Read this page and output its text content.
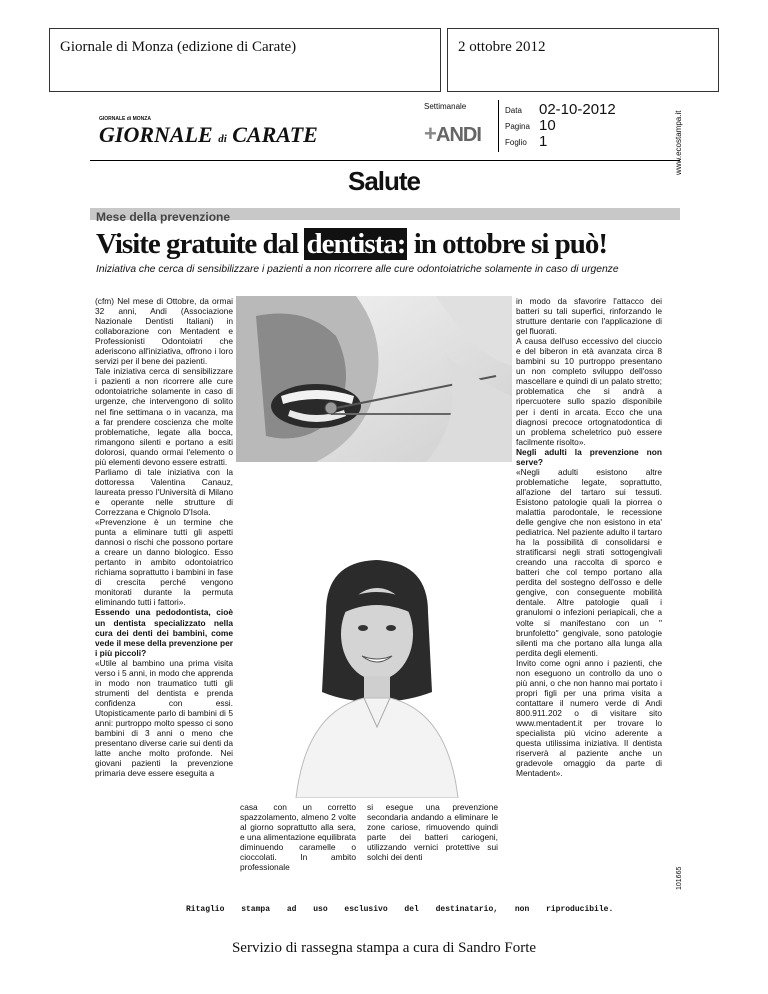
Giornale di Monza (edizione di Carate)	2 ottobre 2012
GIORNALE di MONZA
GIORNALE di CARATE
Settimanale
+ ANDI
Data 02-10-2012
Pagina 10
Foglio 1
Salute
Mese della prevenzione
Visite gratuite dal dentista: in ottobre si può!
Iniziativa che cerca di sensibilizzare i pazienti a non ricorrere alle cure odontoiatriche solamente in caso di urgenze

(cfm) Nel mese di Ottobre, da ormai 32 anni, Andi (Associazione Nazionale Dentisti Italiani) in collaborazione con Mentadent e Professionisti Odontoiatri che aderiscono all'iniziativa, offrono i loro servizi per il bene dei pazienti.

Tale iniziativa cerca di sensibilizzare i pazienti a non ricorrere alle cure odontoiatriche solamente in caso di urgenze, che intervengono di solito nel fine settimana o in vacanza, ma a far prendere coscienza che molte problematiche, legate alla bocca, rimangono silenti e portano a esiti dolorosi, quando ormai l'elemento o più elementi devono essere estratti.

Parliamo di tale iniziativa con la dottoressa Valentina Canauz, laureata presso l'Università di Milano e operante nelle strutture di Correzzana e Chignolo D'Isola.

«Prevenzione è un termine che punta a eliminare tutti gli aspetti dannosi o rischi che possono portare a creare un danno biologico. Esso pertanto in ambito odontoiatrico richiama soprattutto i bambini in fase di crescita perché vengono monitorati durante la permuta eliminando tutti i fattori».

Essendo una pedodontista, cioè un dentista specializzato nella cura dei denti dei bambini, come vede il mese della prevenzione per i più piccoli?

«Utile al bambino una prima visita verso i 5 anni, in modo che apprenda in modo non traumatico tutti gli strumenti del dentista e prenda confidenza con essi. Utopisticamente parlo di bambini di 5 anni: purtroppo molto spesso ci sono bambini di 3 anni o meno che presentano diverse carie sui denti da latte anche molto profonde. Nei giovani pazienti la prevenzione primaria deve essere eseguita a

casa con un corretto spazzolamento, almeno 2 volte al giorno soprattutto alla sera, e una alimentazione equilibrata diminuendo caramelle o cioccolati. In ambito professionale
si esegue una prevenzione secondaria andando a eliminare le zone cariose, rimuovendo quindi parte dei batteri cariogeni, utilizzando vernici protettive sui solchi dei denti

in modo da sfavorire l'attacco dei batteri su tali superfici, rinforzando le strutture dentarie con l'applicazione di gel fluorati.

A causa dell'uso eccessivo del ciuccio e del biberon in età avanzata circa 8 bambini su 10 purtroppo presentano un non completo sviluppo dell'osso mascellare e quindi di un palato stretto; problematica che si andrà a ripercuotere sullo spazio disponibile per i denti in arcata. Ecco che una diagnosi precoce ortognatodontica di un problema scheletrico può essere facilmente risolto».

Negli adulti la prevenzione non serve?

«Negli adulti esistono altre problematiche legate, soprattutto, all'azione del tartaro sui tessuti. Esistono patologie quali la piorrea o malattia parodontale, le recessione delle gengive che non esistono in eta' pediatrica. Nel paziente adulto il tartaro ha la possibilità di consolidarsi e stratificarsi negli strati sottogengivali creando una raccolta di sporco e batteri che col tempo portano alla perdita del sostegno dell'osso e delle gengive, con conseguente mobilità dentale. Altre patologie quali i granulomi o infezioni periapicali, che a volte si manifestano con un " brunfoletto" gengivale, sono patologie silenti ma che portano alla lunga alla perdita degli elementi.

Invito come ogni anno i pazienti, che non eseguono un controllo da uno o più anni, o che non hanno mai portato i propri figli per una prima visita a contattare il numero verde di Andi 800.911.202 o di visitare sito www.mentadent.it per trovare lo specialista più vicino aderente a questa utilissima iniziativa. Il dentista riserverà al paziente anche un gradevole omaggio da parte di Mentadent».

www.ecostampa.it
101665
Ritaglio stampa ad uso esclusivo del destinatario, non riproducibile.
Servizio di rassegna stampa a cura di Sandro Forte
